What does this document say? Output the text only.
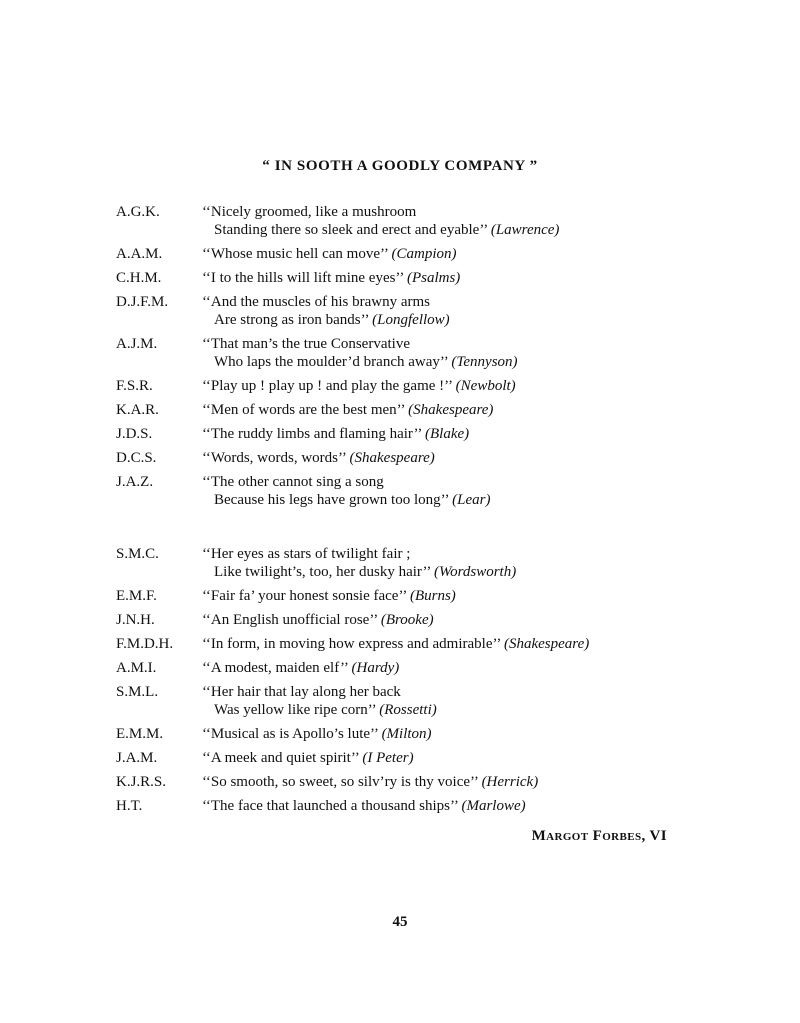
“ IN SOOTH A GOODLY COMPANY ”
A.G.K.	‘‘Nicely groomed, like a mushroom
Standing there so sleek and erect and eyable’’ (Lawrence)
A.A.M.	‘‘Whose music hell can move’’ (Campion)
C.H.M.	‘‘I to the hills will lift mine eyes’’ (Psalms)
D.J.F.M.	‘‘And the muscles of his brawny arms
Are strong as iron bands’’ (Longfellow)
A.J.M.	‘‘That man’s the true Conservative
Who laps the moulder’d branch away’’ (Tennyson)
F.S.R.	‘‘Play up ! play up ! and play the game !’’ (Newbolt)
K.A.R.	‘‘Men of words are the best men’’ (Shakespeare)
J.D.S.	‘‘The ruddy limbs and flaming hair’’ (Blake)
D.C.S.	‘‘Words, words, words’’ (Shakespeare)
J.A.Z.	‘‘The other cannot sing a song
Because his legs have grown too long’’ (Lear)
S.M.C.	‘‘Her eyes as stars of twilight fair ;
Like twilight’s, too, her dusky hair’’ (Wordsworth)
E.M.F.	‘‘Fair fa’ your honest sonsie face’’ (Burns)
J.N.H.	‘‘An English unofficial rose’’ (Brooke)
F.M.D.H.	‘‘In form, in moving how express and admirable’’ (Shakespeare)
A.M.I.	‘‘A modest, maiden elf’’ (Hardy)
S.M.L.	‘‘Her hair that lay along her back
Was yellow like ripe corn’’ (Rossetti)
E.M.M.	‘‘Musical as is Apollo’s lute’’ (Milton)
J.A.M.	‘‘A meek and quiet spirit’’ (I Peter)
K.J.R.S.	‘‘So smooth, so sweet, so silv’ry is thy voice’’ (Herrick)
H.T.	‘‘The face that launched a thousand ships’’ (Marlowe)
Margot Forbes, VI
45
